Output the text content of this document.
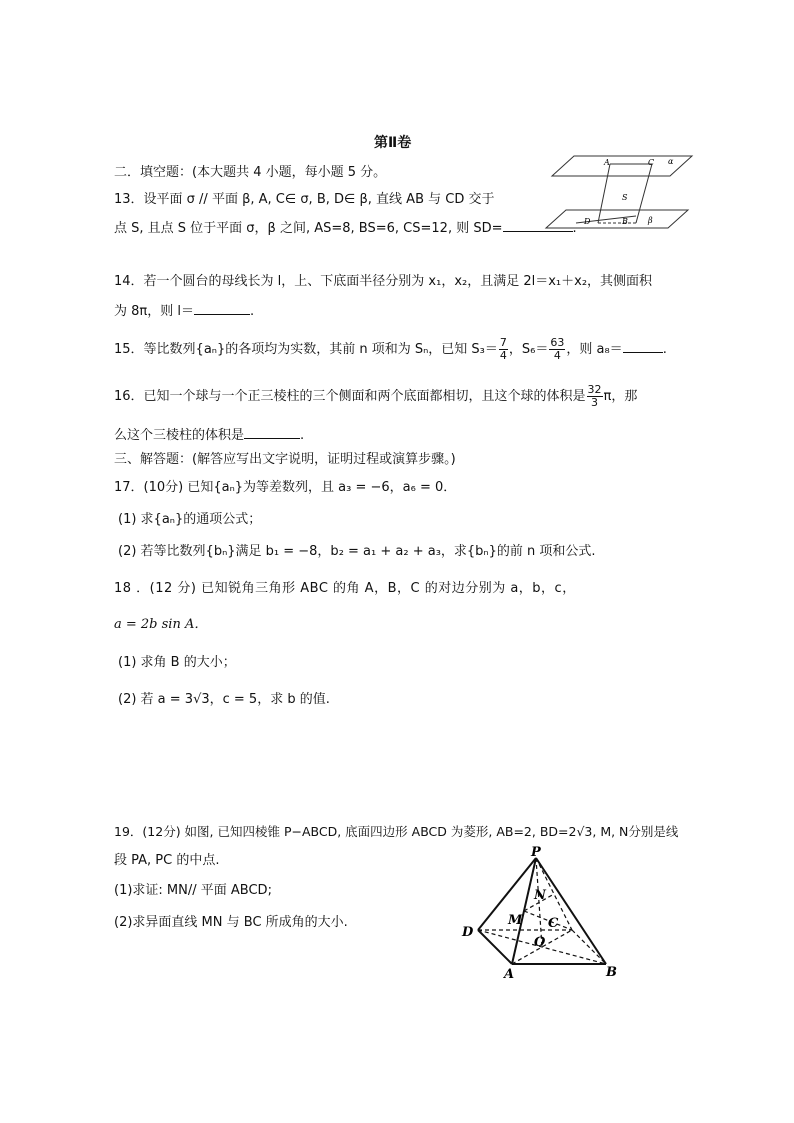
第Ⅱ卷
二．填空题：(本大题共 4 小题，每小题 5 分。
13．设平面 σ // 平面 β, A, C∈ σ, B, D∈ β, 直线 AB 与 CD 交于
点 S, 且点 S 位于平面 σ，β 之间, AS=8, BS=6, CS=12, 则 SD=	.
A	C α
S
D	B	β
14．若一个圆台的母线长为 l，上、下底面半径分别为 x₁，x₂，且满足 2l＝x₁＋x₂，其侧面积
为 8π，则 l＝	.
15．等比数列{aₙ}的各项均为实数，其前 n 项和为 Sₙ，已知 $S_3= \frac{7}{4}$ ，$S_6= \frac{63}{4}$ ，则 a₈＝	.
16．已知一个球与一个正三棱柱的三个侧面和两个底面都相切，且这个球的体积是 $\frac{32}{3}$ π，那
么这个三棱柱的体积是	.
三、解答题：(解答应写出文字说明，证明过程或演算步骤。)
17．(10分) 已知{aₙ}为等差数列，且 a₃ = −6，a₆ = 0．
(1) 求{aₙ}的通项公式；
(2) 若等比数列{bₙ}满足 b₁ = −8，b₂ = a₁ + a₂ + a₃，求{bₙ}的前 n 项和公式.
18 ．(12 分) 已知锐角三角形 ABC 的角 A，B，C 的对边分别为 a，b，c，
a = 2b sin A．
(1) 求角 B 的大小；
(2) 若 a = 3√3，c = 5，求 b 的值.
19．(12分) 如图, 已知四棱锥 P−ABCD, 底面四边形 ABCD 为菱形, AB=2, BD=2√3, M, N分别是线
段 PA, PC 的中点.
(1)求证: MN// 平面 ABCD;
(2)求异面直线 MN 与 BC 所成角的大小.
P
N
M C
D
O
A	B
